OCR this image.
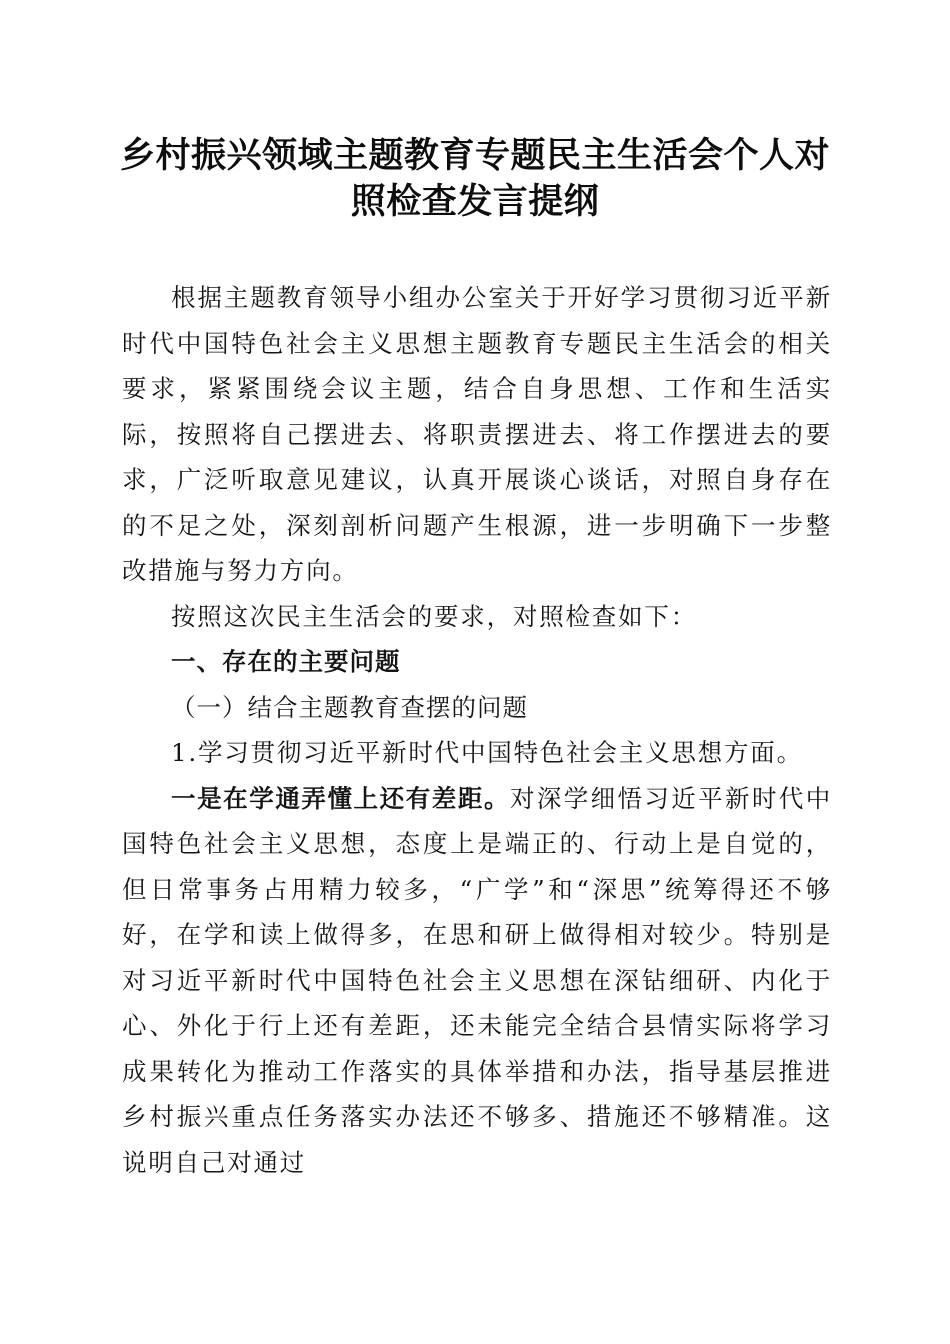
乡村振兴领域主题教育专题民主生活会个人对照检查发言提纲

根据主题教育领导小组办公室关于开好学习贯彻习近平新时代中国特色社会主义思想主题教育专题民主生活会的相关要求，紧紧围绕会议主题，结合自身思想、工作和生活实际，按照将自己摆进去、将职责摆进去、将工作摆进去的要求，广泛听取意见建议，认真开展谈心谈话，对照自身存在的不足之处，深刻剖析问题产生根源，进一步明确下一步整改措施与努力方向。

按照这次民主生活会的要求，对照检查如下：

一、存在的主要问题

（一）结合主题教育查摆的问题

1.学习贯彻习近平新时代中国特色社会主义思想方面。

一是在学通弄懂上还有差距。对深学细悟习近平新时代中国特色社会主义思想，态度上是端正的、行动上是自觉的，但日常事务占用精力较多，“广学”和“深思”统筹得还不够好，在学和读上做得多，在思和研上做得相对较少。特别是对习近平新时代中国特色社会主义思想在深钻细研、内化于心、外化于行上还有差距，还未能完全结合县情实际将学习成果转化为推动工作落实的具体举措和办法，指导基层推进乡村振兴重点任务落实办法还不够多、措施还不够精准。这说明自己对通过
